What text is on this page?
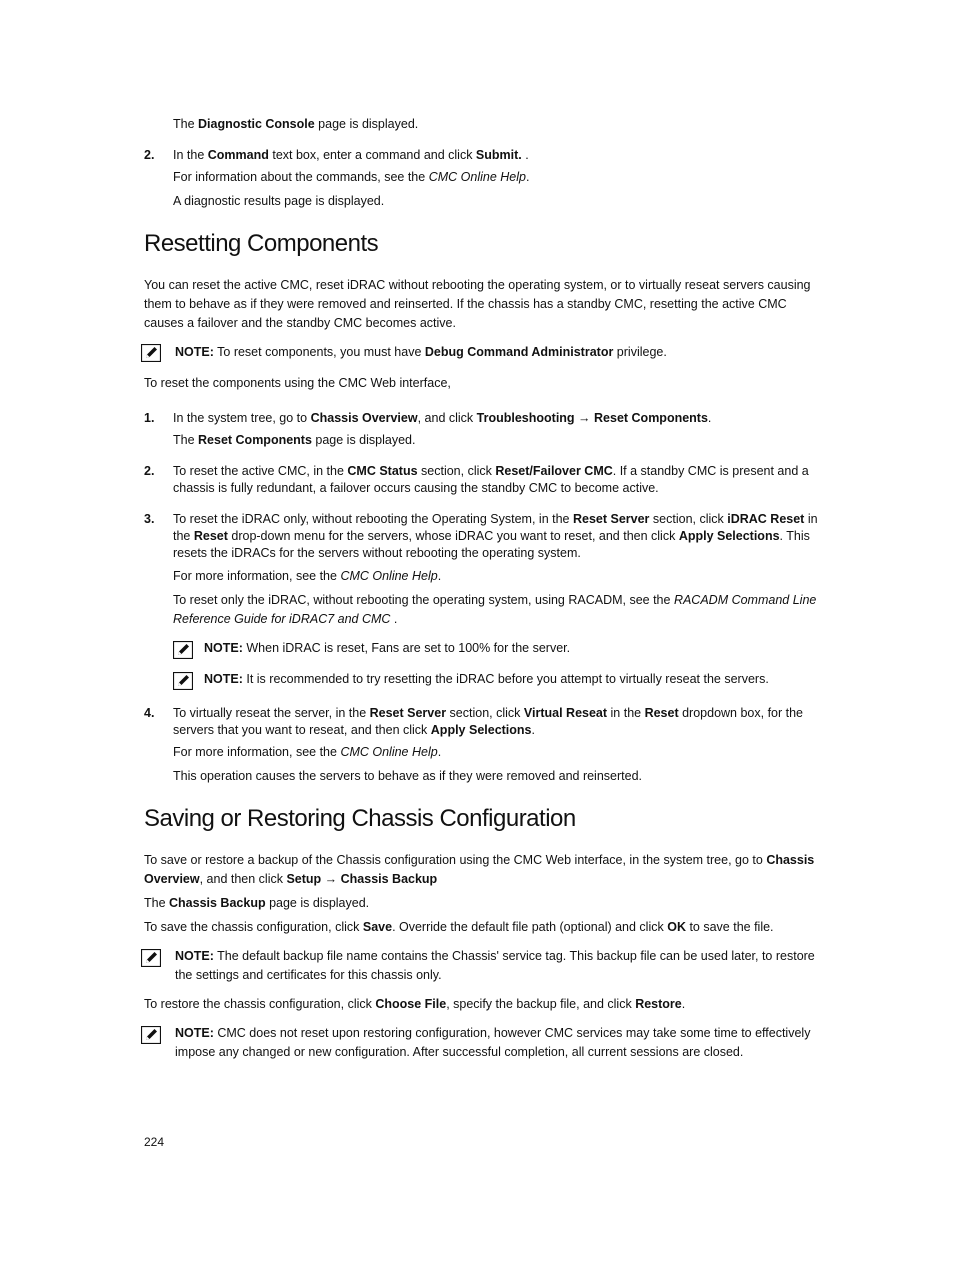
The Diagnostic Console page is displayed.
2. In the Command text box, enter a command and click Submit. .
For information about the commands, see the CMC Online Help.
A diagnostic results page is displayed.
Resetting Components
You can reset the active CMC, reset iDRAC without rebooting the operating system, or to virtually reseat servers causing
them to behave as if they were removed and reinserted. If the chassis has a standby CMC, resetting the active CMC
causes a failover and the standby CMC becomes active.
NOTE: To reset components, you must have Debug Command Administrator privilege.
To reset the components using the CMC Web interface,
1. In the system tree, go to Chassis Overview, and click Troubleshooting → Reset Components.
The Reset Components page is displayed.
2. To reset the active CMC, in the CMC Status section, click Reset/Failover CMC. If a standby CMC is present and a
chassis is fully redundant, a failover occurs causing the standby CMC to become active.
3. To reset the iDRAC only, without rebooting the Operating System, in the Reset Server section, click iDRAC Reset in
the Reset drop-down menu for the servers, whose iDRAC you want to reset, and then click Apply Selections. This
resets the iDRACs for the servers without rebooting the operating system.
For more information, see the CMC Online Help.
To reset only the iDRAC, without rebooting the operating system, using RACADM, see the RACADM Command Line
Reference Guide for iDRAC7 and CMC .
NOTE: When iDRAC is reset, Fans are set to 100% for the server.
NOTE: It is recommended to try resetting the iDRAC before you attempt to virtually reseat the servers.
4. To virtually reseat the server, in the Reset Server section, click Virtual Reseat in the Reset dropdown box, for the
servers that you want to reseat, and then click Apply Selections.
For more information, see the CMC Online Help.
This operation causes the servers to behave as if they were removed and reinserted.
Saving or Restoring Chassis Configuration
To save or restore a backup of the Chassis configuration using the CMC Web interface, in the system tree, go to Chassis
Overview, and then click Setup → Chassis Backup
The Chassis Backup page is displayed.
To save the chassis configuration, click Save. Override the default file path (optional) and click OK to save the file.
NOTE: The default backup file name contains the Chassis' service tag. This backup file can be used later, to restore
the settings and certificates for this chassis only.
To restore the chassis configuration, click Choose File, specify the backup file, and click Restore.
NOTE: CMC does not reset upon restoring configuration, however CMC services may take some time to effectively
impose any changed or new configuration. After successful completion, all current sessions are closed.
224
